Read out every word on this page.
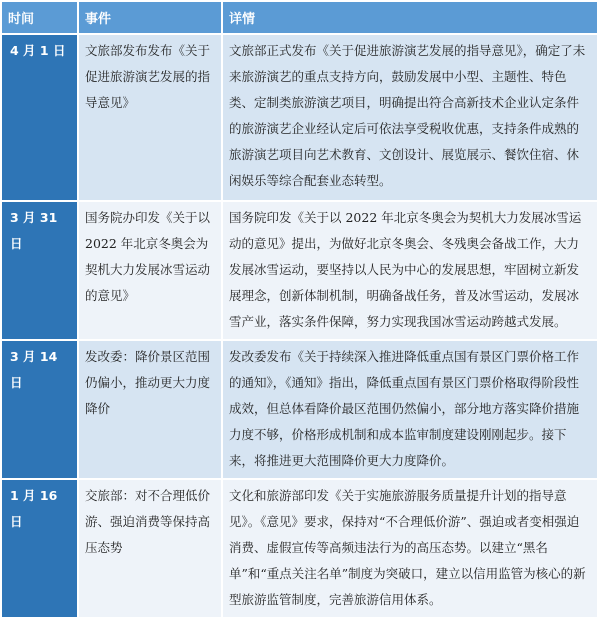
时间	事件	详情
4 月 1 日	文旅部发布发布《关于促进旅游演艺发展的指导意见》	文旅部正式发布《关于促进旅游演艺发展的指导意见》，确定了未来旅游演艺的重点支持方向，鼓励发展中小型、主题性、特色类、定制类旅游演艺项目，明确提出符合高新技术企业认定条件的旅游演艺企业经认定后可依法享受税收优惠，支持条件成熟的旅游演艺项目向艺术教育、文创设计、展览展示、餐饮住宿、休闲娱乐等综合配套业态转型。
3 月 31 日	国务院办印发《关于以 2022 年北京冬奥会为契机大力发展冰雪运动的意见》	国务院印发《关于以 2022 年北京冬奥会为契机大力发展冰雪运动的意见》提出，为做好北京冬奥会、冬残奥会备战工作，大力发展冰雪运动，要坚持以人民为中心的发展思想，牢固树立新发展理念，创新体制机制，明确备战任务，普及冰雪运动，发展冰雪产业，落实条件保障，努力实现我国冰雪运动跨越式发展。
3 月 14 日	发改委：降价景区范围仍偏小，推动更大力度降价	发改委发布《关于持续深入推进降低重点国有景区门票价格工作的通知》，《通知》指出，降低重点国有景区门票价格取得阶段性成效，但总体看降价最区范围仍然偏小，部分地方落实降价措施力度不够，价格形成机制和成本监审制度建设刚刚起步。接下来，将推进更大范围降价更大力度降价。
1 月 16 日	交旅部：对不合理低价游、强迫消费等保持高压态势	文化和旅游部印发《关于实施旅游服务质量提升计划的指导意见》。《意见》要求，保持对“不合理低价游”、强迫或者变相强迫消费、虚假宣传等高频违法行为的高压态势。以建立“黑名单”和“重点关注名单”制度为突破口，建立以信用监管为核心的新型旅游监管制度，完善旅游信用体系。
